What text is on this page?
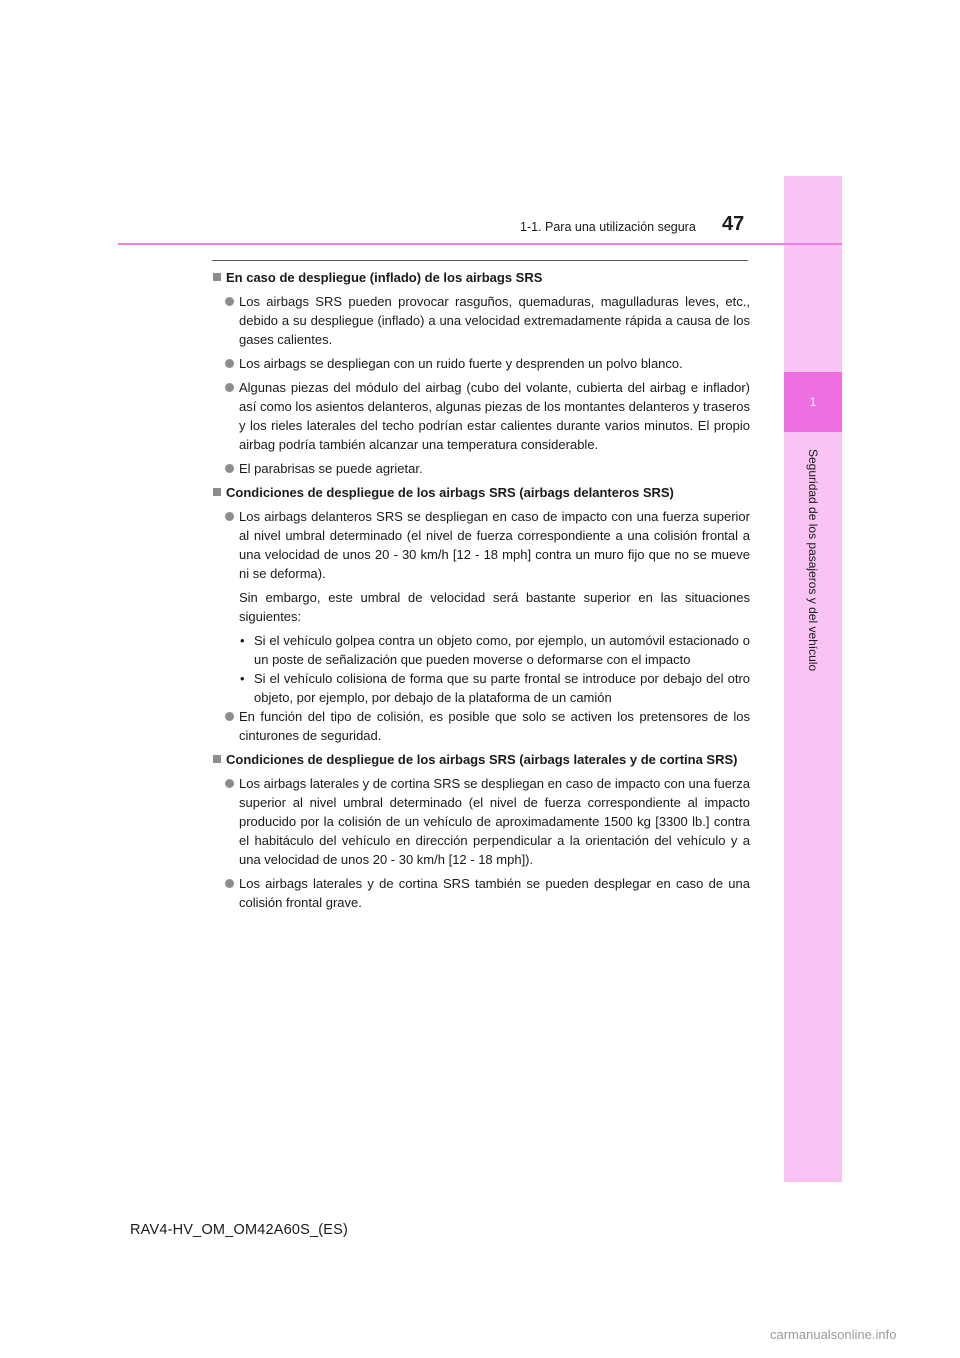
1
Seguridad de los pasajeros y del vehículo
1-1. Para una utilización segura 47
En caso de despliegue (inflado) de los airbags SRS
Los airbags SRS pueden provocar rasguños, quemaduras, magulladuras leves, etc., debido a su despliegue (inflado) a una velocidad extremadamente rápida a causa de los gases calientes.
Los airbags se despliegan con un ruido fuerte y desprenden un polvo blanco.
Algunas piezas del módulo del airbag (cubo del volante, cubierta del airbag e inflador) así como los asientos delanteros, algunas piezas de los montantes delanteros y traseros y los rieles laterales del techo podrían estar calientes durante varios minutos. El propio airbag podría también alcanzar una temperatura considerable.
El parabrisas se puede agrietar.
Condiciones de despliegue de los airbags SRS (airbags delanteros SRS)
Los airbags delanteros SRS se despliegan en caso de impacto con una fuerza superior al nivel umbral determinado (el nivel de fuerza correspondiente a una colisión frontal a una velocidad de unos 20 - 30 km/h [12 - 18 mph] contra un muro fijo que no se mueve ni se deforma).
Sin embargo, este umbral de velocidad será bastante superior en las situaciones siguientes:
• Si el vehículo golpea contra un objeto como, por ejemplo, un automóvil estacionado o un poste de señalización que pueden moverse o deformarse con el impacto
• Si el vehículo colisiona de forma que su parte frontal se introduce por debajo del otro objeto, por ejemplo, por debajo de la plataforma de un camión
En función del tipo de colisión, es posible que solo se activen los pretensores de los cinturones de seguridad.
Condiciones de despliegue de los airbags SRS (airbags laterales y de cortina SRS)
Los airbags laterales y de cortina SRS se despliegan en caso de impacto con una fuerza superior al nivel umbral determinado (el nivel de fuerza correspondiente al impacto producido por la colisión de un vehículo de aproximadamente 1500 kg [3300 lb.] contra el habitáculo del vehículo en dirección perpendicular a la orientación del vehículo y a una velocidad de unos 20 - 30 km/h [12 - 18 mph]).
Los airbags laterales y de cortina SRS también se pueden desplegar en caso de una colisión frontal grave.
RAV4-HV_OM_OM42A60S_(ES)
carmanualsonline.info
